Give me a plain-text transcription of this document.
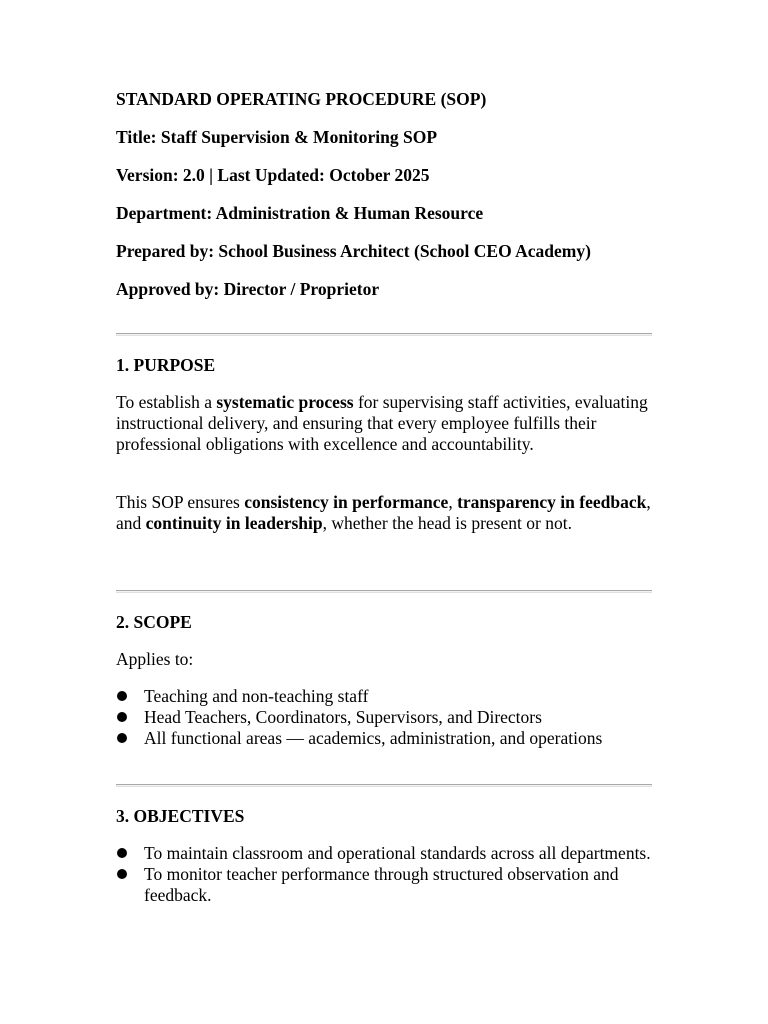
STANDARD OPERATING PROCEDURE (SOP)
Title: Staff Supervision & Monitoring SOP
Version: 2.0 | Last Updated: October 2025
Department: Administration & Human Resource
Prepared by: School Business Architect (School CEO Academy)
Approved by: Director / Proprietor
1. PURPOSE
To establish a systematic process for supervising staff activities, evaluating instructional delivery, and ensuring that every employee fulfills their professional obligations with excellence and accountability.
This SOP ensures consistency in performance, transparency in feedback, and continuity in leadership, whether the head is present or not.
2. SCOPE
Applies to:
Teaching and non-teaching staff
Head Teachers, Coordinators, Supervisors, and Directors
All functional areas — academics, administration, and operations
3. OBJECTIVES
To maintain classroom and operational standards across all departments.
To monitor teacher performance through structured observation and feedback.
